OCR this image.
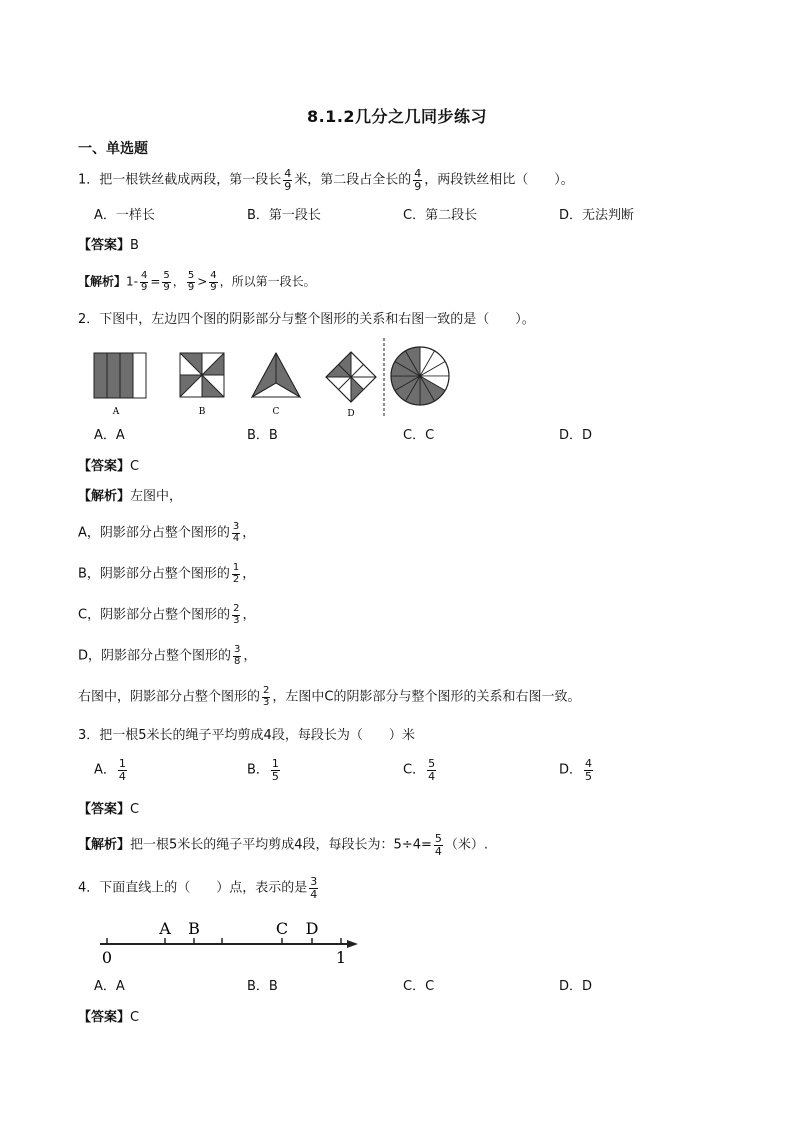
8.1.2几分之几同步练习
一、单选题
1．把一根铁丝截成两段，第一段长 $\frac{4}{9}$ 米，第二段占全长的 $\frac{4}{9}$ ，两段铁丝相比（　　）。
A．一样长	B．第一段长	C．第二段长	D．无法判断
【答案】B
【解析】$1- \frac{4}{9} = \frac{5}{9}$ ， $\frac{5}{9} > \frac{4}{9}$ ，所以第一段长。
2．下图中，左边四个图的阴影部分与整个图形的关系和右图一致的是（　　）。
A	B	C	D
A．A	B．B	C．C	D．D
【答案】C
【解析】左图中，
A，阴影部分占整个图形的 $\frac{3}{4}$ ，
B，阴影部分占整个图形的 $\frac{1}{2}$ ，
C，阴影部分占整个图形的 $\frac{2}{3}$ ，
D，阴影部分占整个图形的 $\frac{3}{8}$ ，
右图中，阴影部分占整个图形的 $\frac{2}{3}$ ，左图中C的阴影部分与整个图形的关系和右图一致。
3．把一根5米长的绳子平均剪成4段，每段长为（　　）米
A． $\frac{1}{4}$	B． $\frac{1}{5}$	C． $\frac{5}{4}$	D． $\frac{4}{5}$
【答案】C
【解析】把一根5米长的绳子平均剪成4段，每段长为：$5\div 4= \frac{5}{4}$ （米）.
4．下面直线上的（　　）点，表示的是 $\frac{3}{4}$
A B	C D
0	1
A．A	B．B	C．C	D．D
【答案】C
